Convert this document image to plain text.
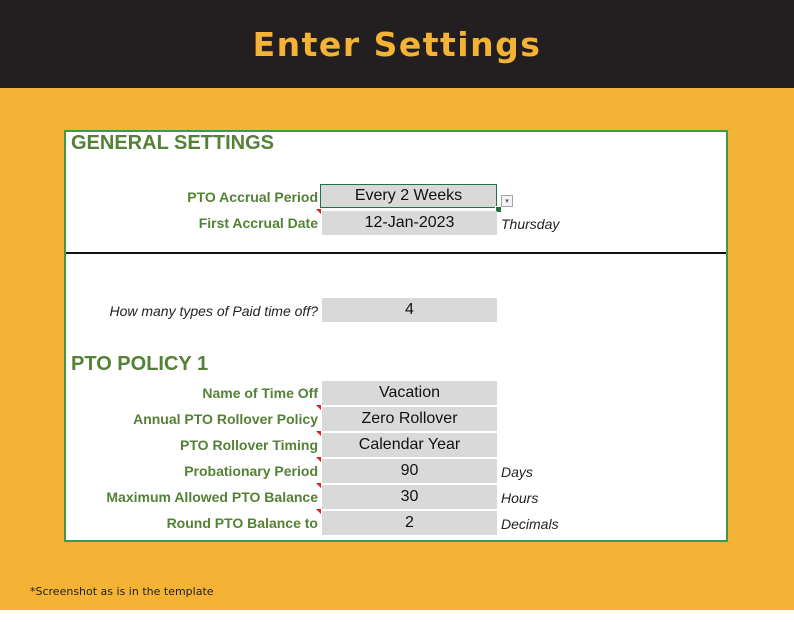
Enter Settings
GENERAL SETTINGS
PTO Accrual Period	Every 2 Weeks	▾
First Accrual Date	12-Jan-2023	Thursday
How many types of Paid time off?	4
PTO POLICY 1
Name of Time Off	Vacation
Annual PTO Rollover Policy	Zero Rollover
PTO Rollover Timing	Calendar Year
Probationary Period	90	Days
Maximum Allowed PTO Balance	30	Hours
Round PTO Balance to	2	Decimals
*Screenshot as is in the template
